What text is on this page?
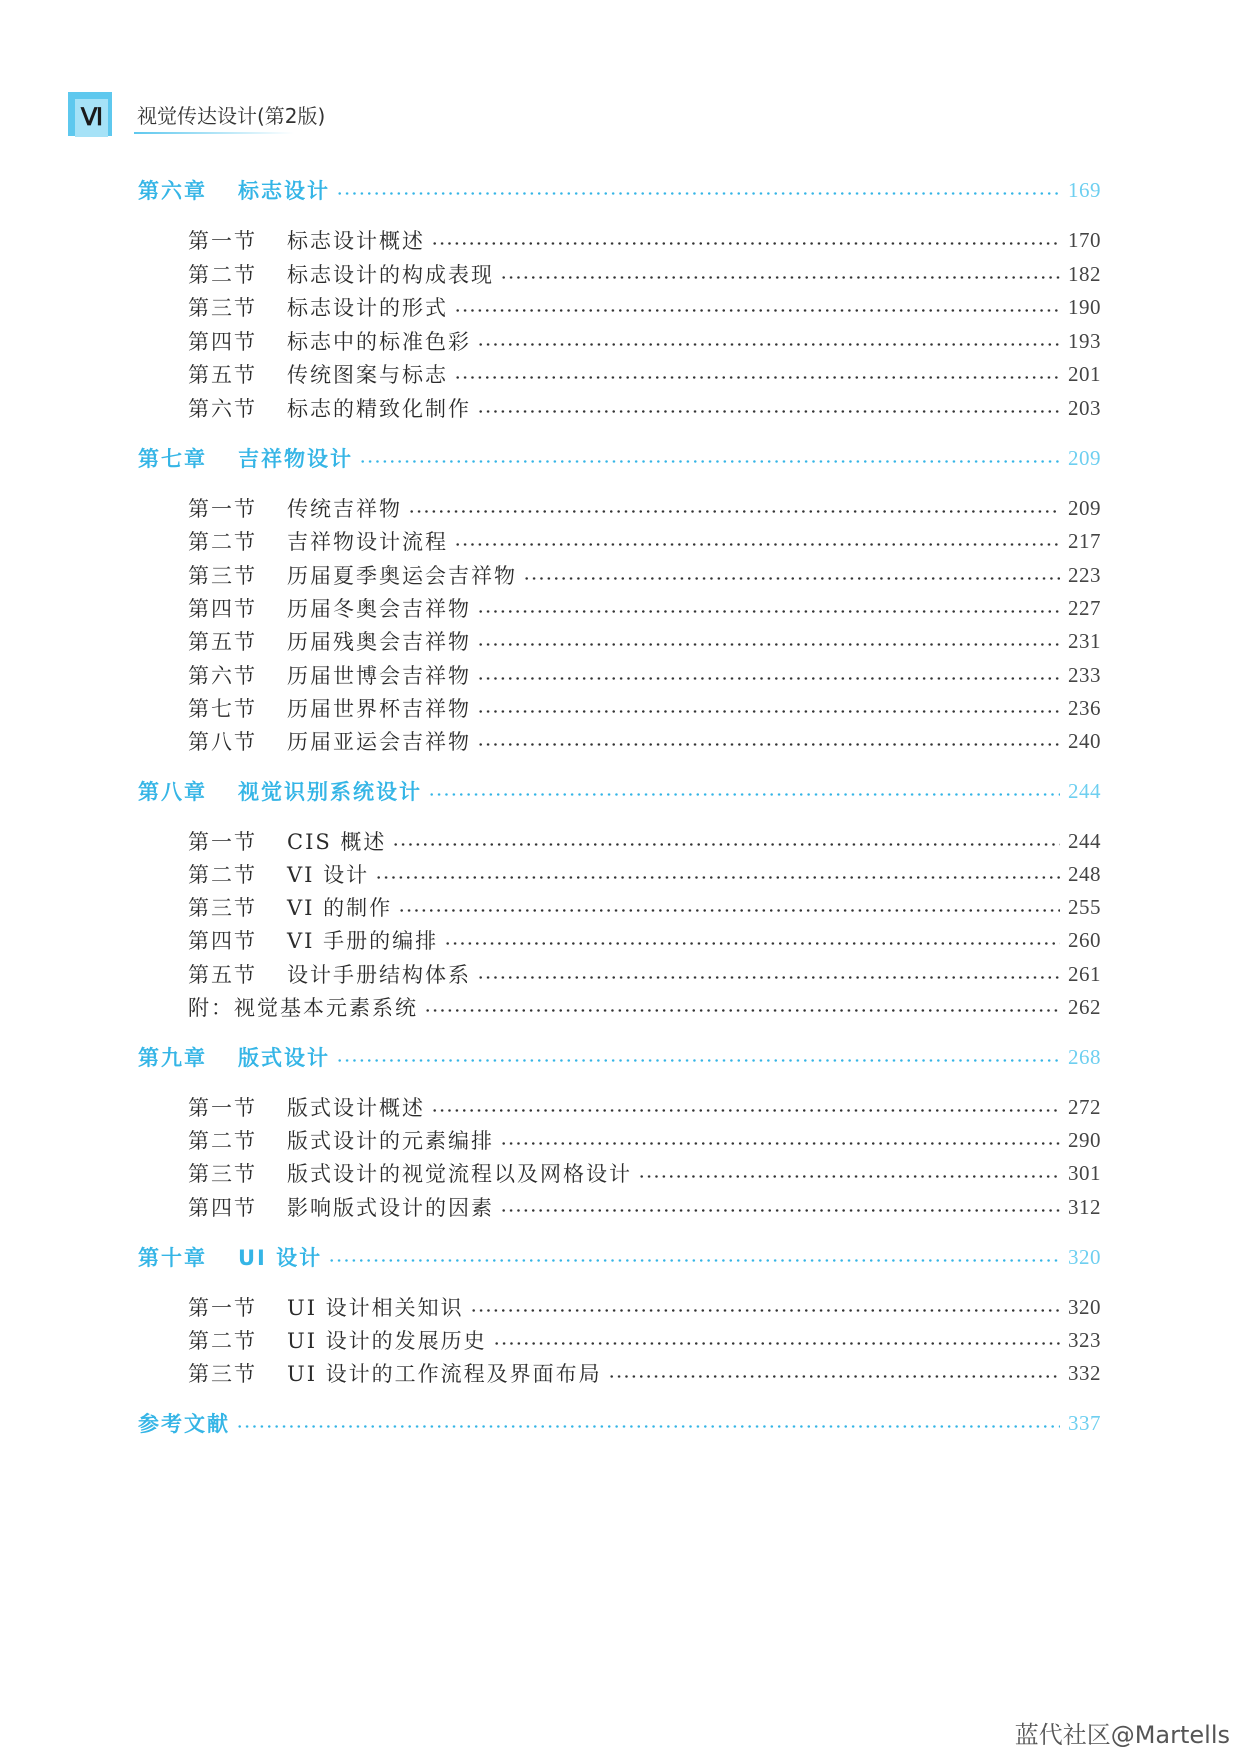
Ⅵ 视觉传达设计(第2版)
第六章	标志设计	169
第一节	标志设计概述	170
第二节	标志设计的构成表现	182
第三节	标志设计的形式	190
第四节	标志中的标准色彩	193
第五节	传统图案与标志	201
第六节	标志的精致化制作	203
第七章	吉祥物设计	209
第一节	传统吉祥物	209
第二节	吉祥物设计流程	217
第三节	历届夏季奥运会吉祥物	223
第四节	历届冬奥会吉祥物	227
第五节	历届残奥会吉祥物	231
第六节	历届世博会吉祥物	233
第七节	历届世界杯吉祥物	236
第八节	历届亚运会吉祥物	240
第八章	视觉识别系统设计	244
第一节	CIS 概述	244
第二节	VI 设计	248
第三节	VI 的制作	255
第四节	VI 手册的编排	260
第五节	设计手册结构体系	261
附：视觉基本元素系统	262
第九章	版式设计	268
第一节	版式设计概述	272
第二节	版式设计的元素编排	290
第三节	版式设计的视觉流程以及网格设计	301
第四节	影响版式设计的因素	312
第十章	UI 设计	320
第一节	UI 设计相关知识	320
第二节	UI 设计的发展历史	323
第三节	UI 设计的工作流程及界面布局	332
参考文献	337
蓝代社区@Martells
